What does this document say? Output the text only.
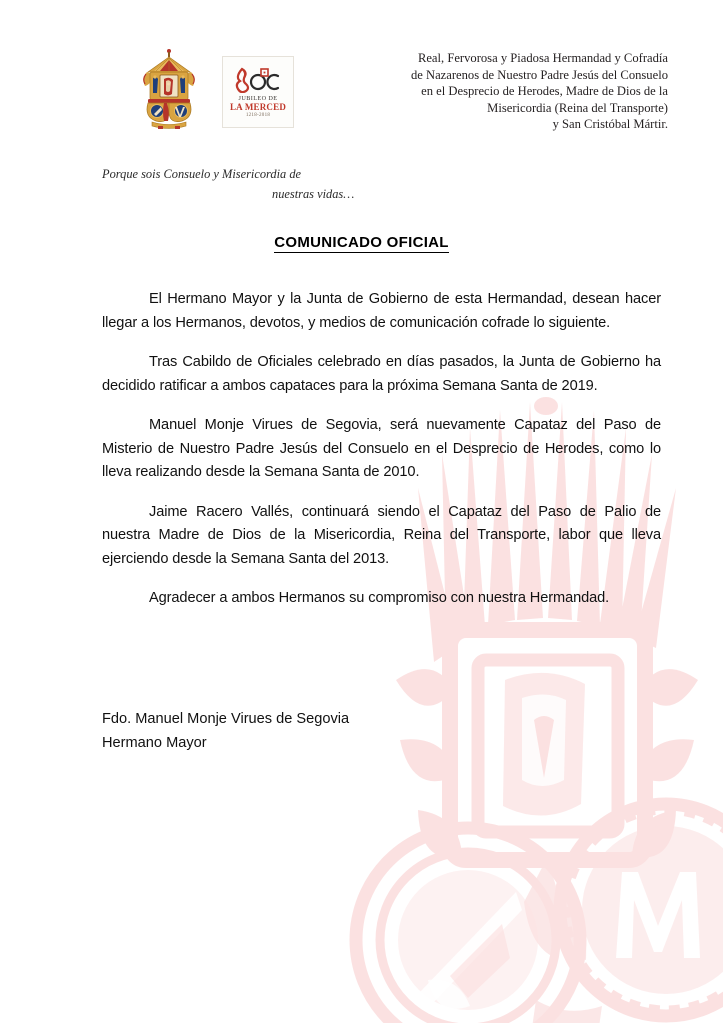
JUBILEO DE
LA MERCED
1218-2018
Real, Fervorosa y Piadosa Hermandad y Cofradía
de Nazarenos de Nuestro Padre Jesús del Consuelo
en el Desprecio de Herodes, Madre de Dios de la
Misericordia (Reina del Transporte)
y San Cristóbal Mártir.
Porque sois Consuelo y Misericordia de
nuestras vidas…
COMUNICADO OFICIAL

El Hermano Mayor y la Junta de Gobierno de esta Hermandad, desean hacer llegar a los Hermanos, devotos, y medios de comunicación cofrade lo siguiente.

Tras Cabildo de Oficiales celebrado en días pasados, la Junta de Gobierno ha decidido ratificar a ambos capataces para la próxima Semana Santa de 2019.

Manuel Monje Virues de Segovia, será nuevamente Capataz del Paso de Misterio de Nuestro Padre Jesús del Consuelo en el Desprecio de Herodes, como lo lleva realizando desde la Semana Santa de 2010.

Jaime Racero Vallés, continuará siendo el Capataz del Paso de Palio de nuestra Madre de Dios de la Misericordia, Reina del Transporte, labor que lleva ejerciendo desde la Semana Santa del 2013.

Agradecer a ambos Hermanos su compromiso con nuestra Hermandad.

Fdo. Manuel Monje Virues de Segovia
Hermano Mayor
